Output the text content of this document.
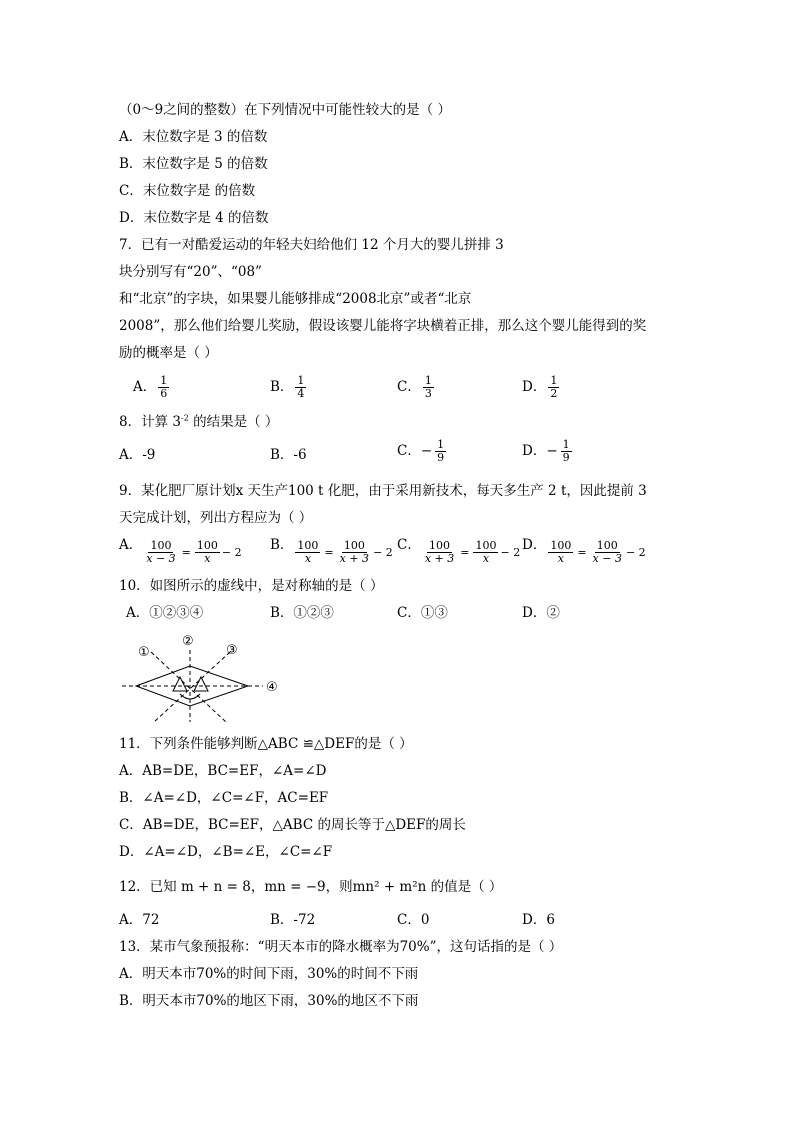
（0～9之间的整数）在下列情况中可能性较大的是（ ）
A．末位数字是 3 的倍数
B．末位数字是 5 的倍数
C．末位数字是 的倍数
D．末位数字是 4 的倍数
7．已有一对酷爱运动的年轻夫妇给他们 12 个月大的婴儿拼排 3
块分别写有“20”、“08”
和“北京”的字块，如果婴儿能够排成“2008北京”或者“北京
2008”，那么他们给婴儿奖励，假设该婴儿能将字块横着正排，那么这个婴儿能得到的奖
励的概率是（ ）
A． $\frac{1}{6}$	B． $\frac{1}{4}$	C． $\frac{1}{3}$	D． $\frac{1}{2}$
8．计算 $3^{-2}$ 的结果是（ ）
A．-9	B．-6	C．− $\frac{1}{9}$	D．− $\frac{1}{9}$
9．某化肥厂原计划x 天生产100 t 化肥，由于采用新技术，每天多生产 2 t，因此提前 3
天完成计划，列出方程应为（ ）
A． $\frac{100}{x - 3} = \frac{100}{x} - 2$ B． $\frac{100}{x} = \frac{100}{x + 3} - 2$ C． $\frac{100}{x + 3} = \frac{100}{x} - 2$ D． $\frac{100}{x} = \frac{100}{x - 3} - 2$
10．如图所示的虚线中，是对称轴的是（ ）
A．①②③④	B．①②③	C．①③	D．②
①
②
③
④
11．下列条件能够判断△ABC ≌△DEF的是（ ）
A．AB=DE，BC=EF，∠A=∠D
B．∠A=∠D，∠C=∠F，AC=EF
C．AB=DE，BC=EF，△ABC 的周长等于△DEF的周长
D．∠A=∠D，∠B=∠E，∠C=∠F
12．已知 m + n = 8，mn = −9，则mn² + m²n 的值是（ ）
A．72	B．-72	C．0	D．6
13．某市气象预报称：“明天本市的降水概率为70%”，这句话指的是（ ）
A．明天本市70%的时间下雨，30%的时间不下雨
B．明天本市70%的地区下雨，30%的地区不下雨
